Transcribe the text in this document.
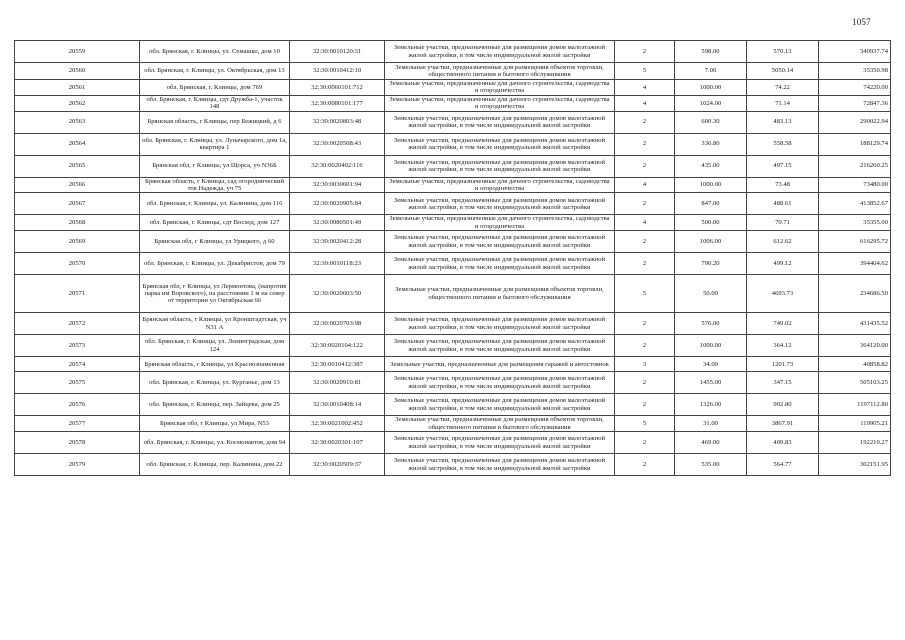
1057
20559	обл. Брянская, г. Клинцы, ул. Семашко, дом 10	32:30:0010120:31	Земельные участки, предназначенные для размещения домов малоэтажной жилой застройки, в том числе индивидуальной жилой застройки	2	598.00	570.13	340937.74
20560	обл. Брянская, г. Клинцы, ул. Октябрьская, дом 13	32:30:0010412:10	Земельные участки, предназначенные для размещения объектов торговли, общественного питания и бытового обслуживания	5	7.00	5050.14	35350.98
20561	обл. Брянская, г. Клинцы, дом 769	32:30:0060101:712	Земельные участки, предназначенные для дачного строительства, садоводства и огородничества	4	1000.00	74.22	74220.00
20562	обл. Брянская, г. Клинцы, сдт Дружба-1, участок 148	32:30:0080101:177	Земельные участки, предназначенные для дачного строительства, садоводства и огородничества	4	1024.00	71.14	72847.36
20563	Брянская область, г Клинцы, пер Бежицкий, д 6	32:30:0020803:48	Земельные участки, предназначенные для размещения домов малоэтажной жилой застройки, в том числе индивидуальной жилой застройки	2	600.30	483.13	290022.94
20564	обл. Брянская, г. Клинцы, ул. Луначарского, дом 1а, квартира 1	32:30:0020508:43	Земельные участки, предназначенные для размещения домов малоэтажной жилой застройки, в том числе индивидуальной жилой застройки	2	336.80	558.58	188129.74
20565	Брянская обл, г Клинцы, ул Щорса, уч N36Б	32:30:0020402:116	Земельные участки, предназначенные для размещения домов малоэтажной жилой застройки, в том числе индивидуальной жилой застройки	2	435.00	497.15	216260.25
20566	Брянская область, г Клинцы, сад огороднический тов Надежда, уч 75	32:30:0030601:94	Земельные участки, предназначенные для дачного строительства, садоводства и огородничества	4	1000.00	73.48	73480.00
20567	обл. Брянская, г. Клинцы, ул. Калинина, дом 116	32:30:0020905:84	Земельные участки, предназначенные для размещения домов малоэтажной жилой застройки, в том числе индивидуальной жилой застройки	2	847.00	488.61	413852.67
20568	обл. Брянская, г. Клинцы, сдт Восход, дом 127	32:30:0080501:49	Земельные участки, предназначенные для дачного строительства, садоводства и огородничества	4	500.00	70.71	35355.00
20569	Брянская обл, г Клинцы, ул Урицкого, д 60	32:30:0020412:28	Земельные участки, предназначенные для размещения домов малоэтажной жилой застройки, в том числе индивидуальной жилой застройки	2	1006.00	612.62	616295.72
20570	обл. Брянская, г. Клинцы, ул. Декабристов, дом 79	32:30:0010118:23	Земельные участки, предназначенные для размещения домов малоэтажной жилой застройки, в том числе индивидуальной жилой застройки	2	790.20	499.12	394404.62
20571	Брянская обл, г Клинцы, ул Лермонтова, (напротив парка им Воровского), на расстоянии 1 м на север от территории ул Октябрьская 66	32:30:0020603:50	Земельные участки, предназначенные для размещения объектов торговли, общественного питания и бытового обслуживания	5	50.00	4693.73	234686.50
20572	Брянская область, г Клинцы, ул Кронштадтская, уч N31 А	32:30:0020703:98	Земельные участки, предназначенные для размещения домов малоэтажной жилой застройки, в том числе индивидуальной жилой застройки	2	576.00	749.02	431435.52
20573	обл. Брянская, г. Клинцы, ул. Ленинградская, дом 124	32:30:0020104:122	Земельные участки, предназначенные для размещения домов малоэтажной жилой застройки, в том числе индивидуальной жилой застройки	2	1000.00	364.12	364120.00
20574	Брянская область, г Клинцы, ул Краснознаменная	32:30:0010412:387	Земельные участки, предназначенные для размещения гаражей и автостоянок	3	34.00	1201.73	40858.82
20575	обл. Брянская, г. Клинцы, ул. Курганье, дом 13	32:30:0020910:81	Земельные участки, предназначенные для размещения домов малоэтажной жилой застройки, в том числе индивидуальной жилой застройки	2	1455.00	347.15	505103.25
20576	обл. Брянская, г. Клинцы, пер. Зайцева, дом 25	32:30:0010408:14	Земельные участки, предназначенные для размещения домов малоэтажной жилой застройки, в том числе индивидуальной жилой застройки	2	1326.00	902.80	1197112.80
20577	Брянская обл, г Клинцы, ул Мира, N53	32:30:0021002:452	Земельные участки, предназначенные для размещения объектов торговли, общественного питания и бытового обслуживания	5	31.00	3867.91	119905.21
20578	обл. Брянская, г. Клинцы, ул. Космонавтов, дом 94	32:30:0020301:107	Земельные участки, предназначенные для размещения домов малоэтажной жилой застройки, в том числе индивидуальной жилой застройки	2	469.00	409.83	192210.27
20579	обл. Брянская, г. Клинцы, пер. Калинина, дом 22	32:30:0020509:37	Земельные участки, предназначенные для размещения домов малоэтажной жилой застройки, в том числе индивидуальной жилой застройки	2	535.00	564.77	302151.95
